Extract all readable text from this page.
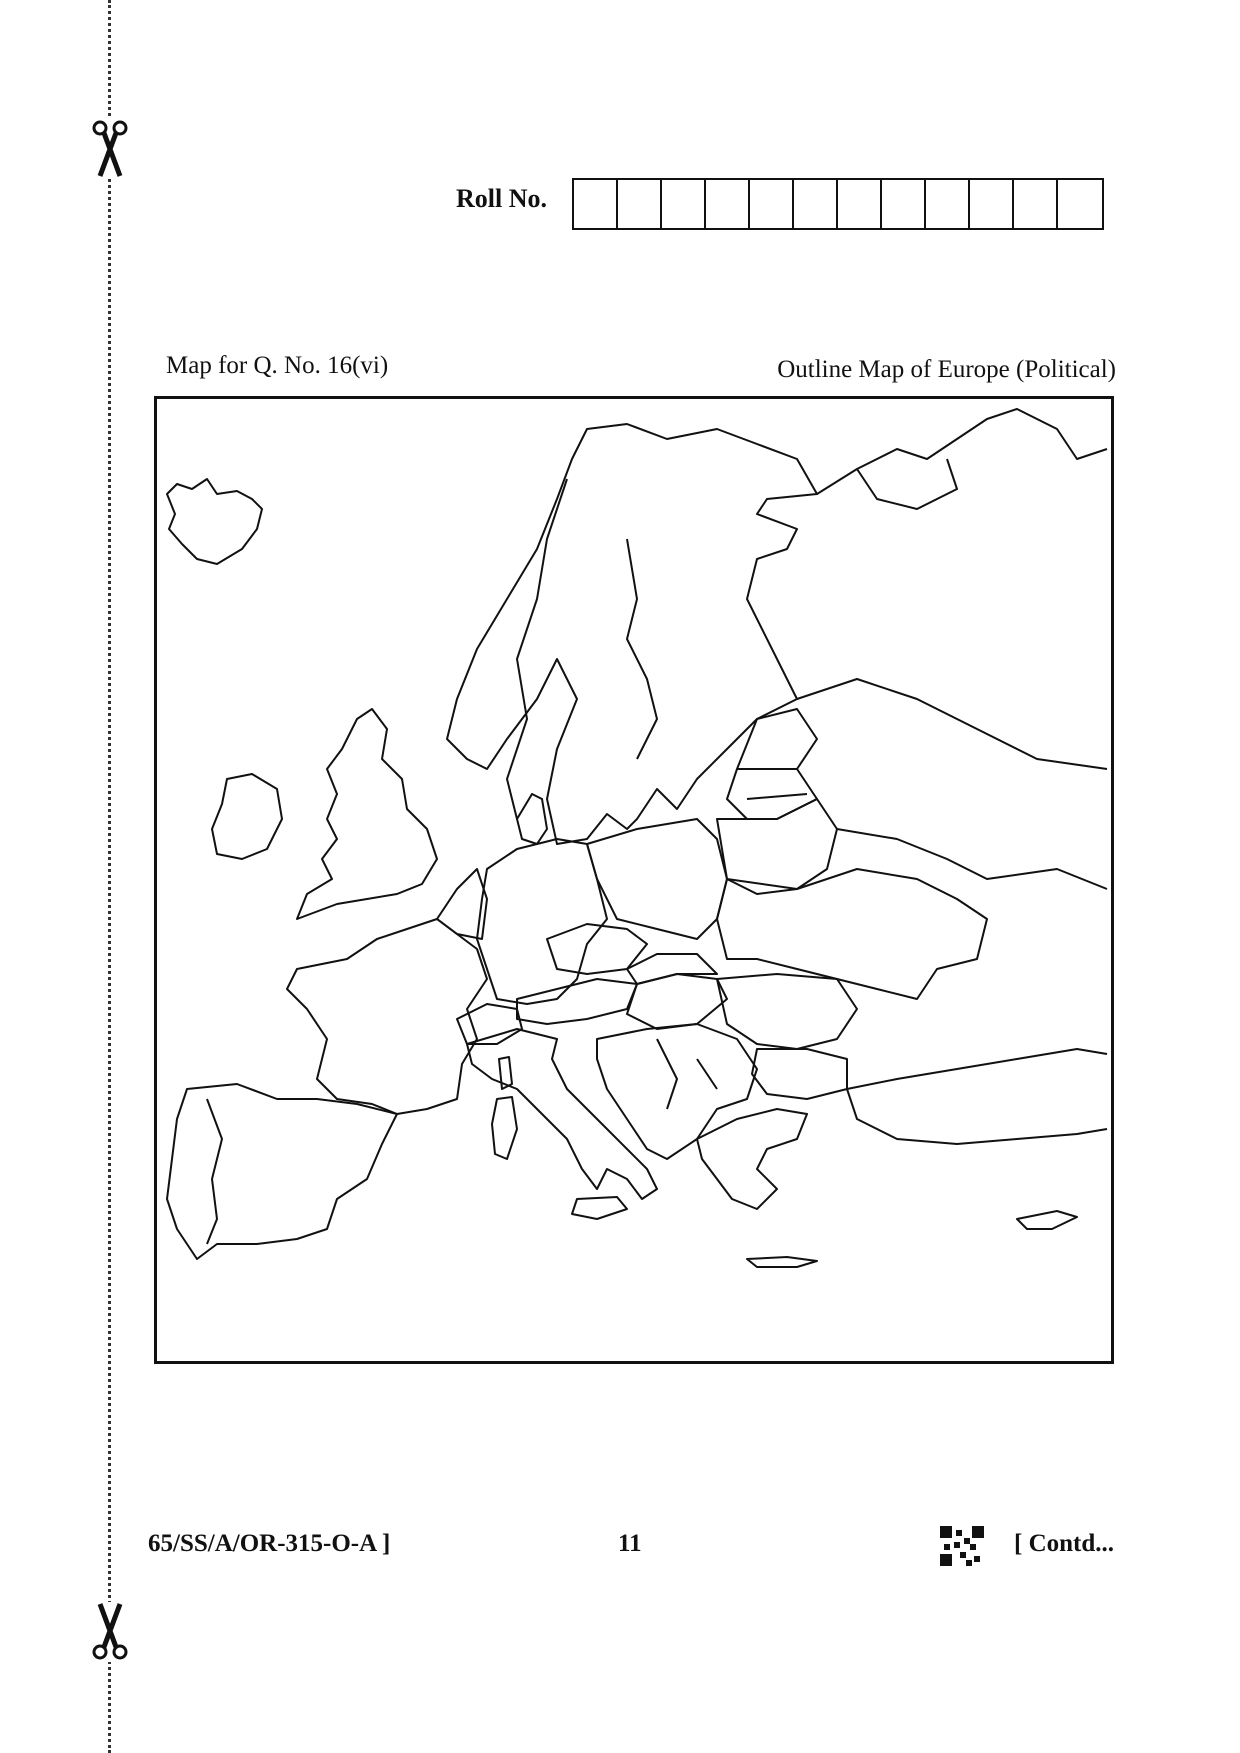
Roll No.
Map for Q. No. 16(vi)	Outline Map of Europe (Political)
65/SS/A/OR-315-O-A ]	11	[ Contd...
